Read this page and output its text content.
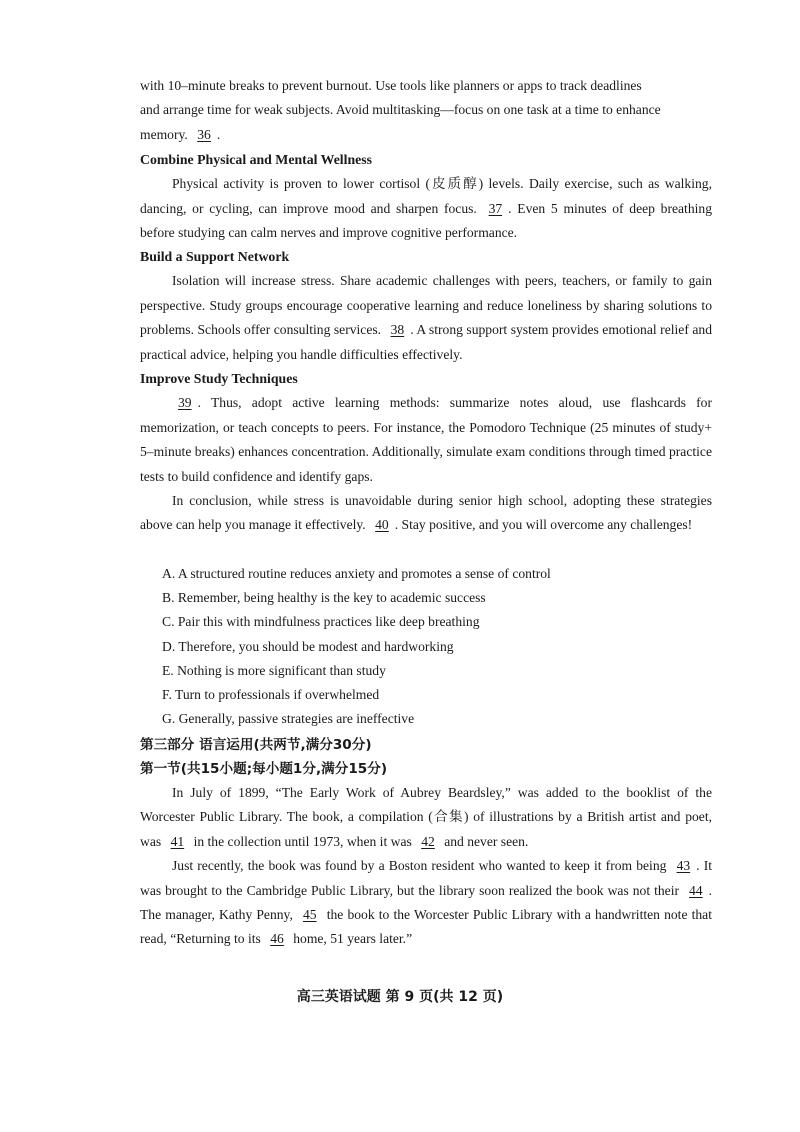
with 10–minute breaks to prevent burnout. Use tools like planners or apps to track deadlines

and arrange time for weak subjects. Avoid multitasking—focus on one task at a time to enhance

memory. 36 .

Combine Physical and Mental Wellness

Physical activity is proven to lower cortisol (皮质醇) levels. Daily exercise, such as walking, dancing, or cycling, can improve mood and sharpen focus. 37 . Even 5 minutes of deep breathing before studying can calm nerves and improve cognitive performance.

Build a Support Network

Isolation will increase stress. Share academic challenges with peers, teachers, or family to gain perspective. Study groups encourage cooperative learning and reduce loneliness by sharing solutions to problems. Schools offer consulting services. 38 . A strong support system provides emotional relief and practical advice, helping you handle difficulties effectively.

Improve Study Techniques

39 . Thus, adopt active learning methods: summarize notes aloud, use flashcards for memorization, or teach concepts to peers. For instance, the Pomodoro Technique (25 minutes of study+ 5–minute breaks) enhances concentration. Additionally, simulate exam conditions through timed practice tests to build confidence and identify gaps.

In conclusion, while stress is unavoidable during senior high school, adopting these strategies above can help you manage it effectively. 40 . Stay positive, and you will overcome any challenges!

A. A structured routine reduces anxiety and promotes a sense of control

B. Remember, being healthy is the key to academic success

C. Pair this with mindfulness practices like deep breathing

D. Therefore, you should be modest and hardworking

E. Nothing is more significant than study

F. Turn to professionals if overwhelmed

G. Generally, passive strategies are ineffective

第三部分 语言运用(共两节,满分30分)

第一节(共15小题;每小题1分,满分15分)

In July of 1899, “The Early Work of Aubrey Beardsley,” was added to the booklist of the Worcester Public Library. The book, a compilation (合集) of illustrations by a British artist and poet, was 41 in the collection until 1973, when it was 42 and never seen.

Just recently, the book was found by a Boston resident who wanted to keep it from being 43 . It was brought to the Cambridge Public Library, but the library soon realized the book was not their 44 . The manager, Kathy Penny, 45 the book to the Worcester Public Library with a handwritten note that read, “Returning to its 46 home, 51 years later.”

高三英语试题 第 9 页(共 12 页)
